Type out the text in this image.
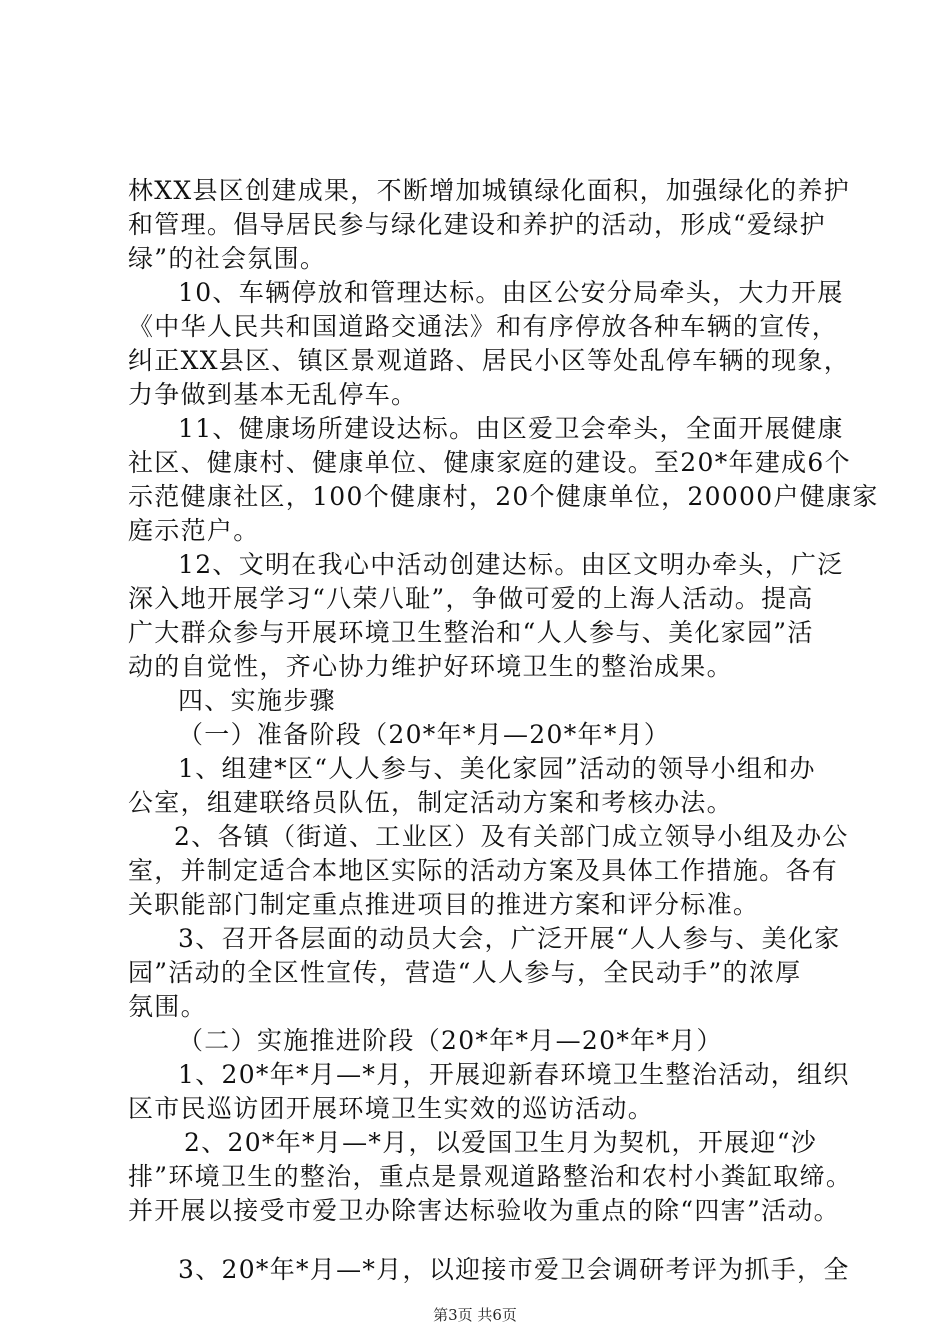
林XX县区创建成果，不断增加城镇绿化面积，加强绿化的养护
和管理。倡导居民参与绿化建设和养护的活动，形成“爱绿护
绿”的社会氛围。
10、车辆停放和管理达标。由区公安分局牵头，大力开展
《中华人民共和国道路交通法》和有序停放各种车辆的宣传，
纠正XX县区、镇区景观道路、居民小区等处乱停车辆的现象，
力争做到基本无乱停车。
11、健康场所建设达标。由区爱卫会牵头，全面开展健康
社区、健康村、健康单位、健康家庭的建设。至20*年建成6个
示范健康社区，100个健康村，20个健康单位，20000户健康家
庭示范户。
12、文明在我心中活动创建达标。由区文明办牵头，广泛
深入地开展学习“八荣八耻”，争做可爱的上海人活动。提高
广大群众参与开展环境卫生整治和“人人参与、美化家园”活
动的自觉性，齐心协力维护好环境卫生的整治成果。
四、实施步骤
（一）准备阶段（20*年*月—20*年*月）
1、组建*区“人人参与、美化家园”活动的领导小组和办
公室，组建联络员队伍，制定活动方案和考核办法。
2、各镇（街道、工业区）及有关部门成立领导小组及办公
室，并制定适合本地区实际的活动方案及具体工作措施。各有
关职能部门制定重点推进项目的推进方案和评分标准。
3、召开各层面的动员大会，广泛开展“人人参与、美化家
园”活动的全区性宣传，营造“人人参与，全民动手”的浓厚
氛围。
（二）实施推进阶段（20*年*月—20*年*月）
1、20*年*月—*月，开展迎新春环境卫生整治活动，组织
区市民巡访团开展环境卫生实效的巡访活动。
2、20*年*月—*月，以爱国卫生月为契机，开展迎“沙
排”环境卫生的整治，重点是景观道路整治和农村小粪缸取缔。
并开展以接受市爱卫办除害达标验收为重点的除“四害”活动。
3、20*年*月—*月，以迎接市爱卫会调研考评为抓手，全
第3页 共6页
